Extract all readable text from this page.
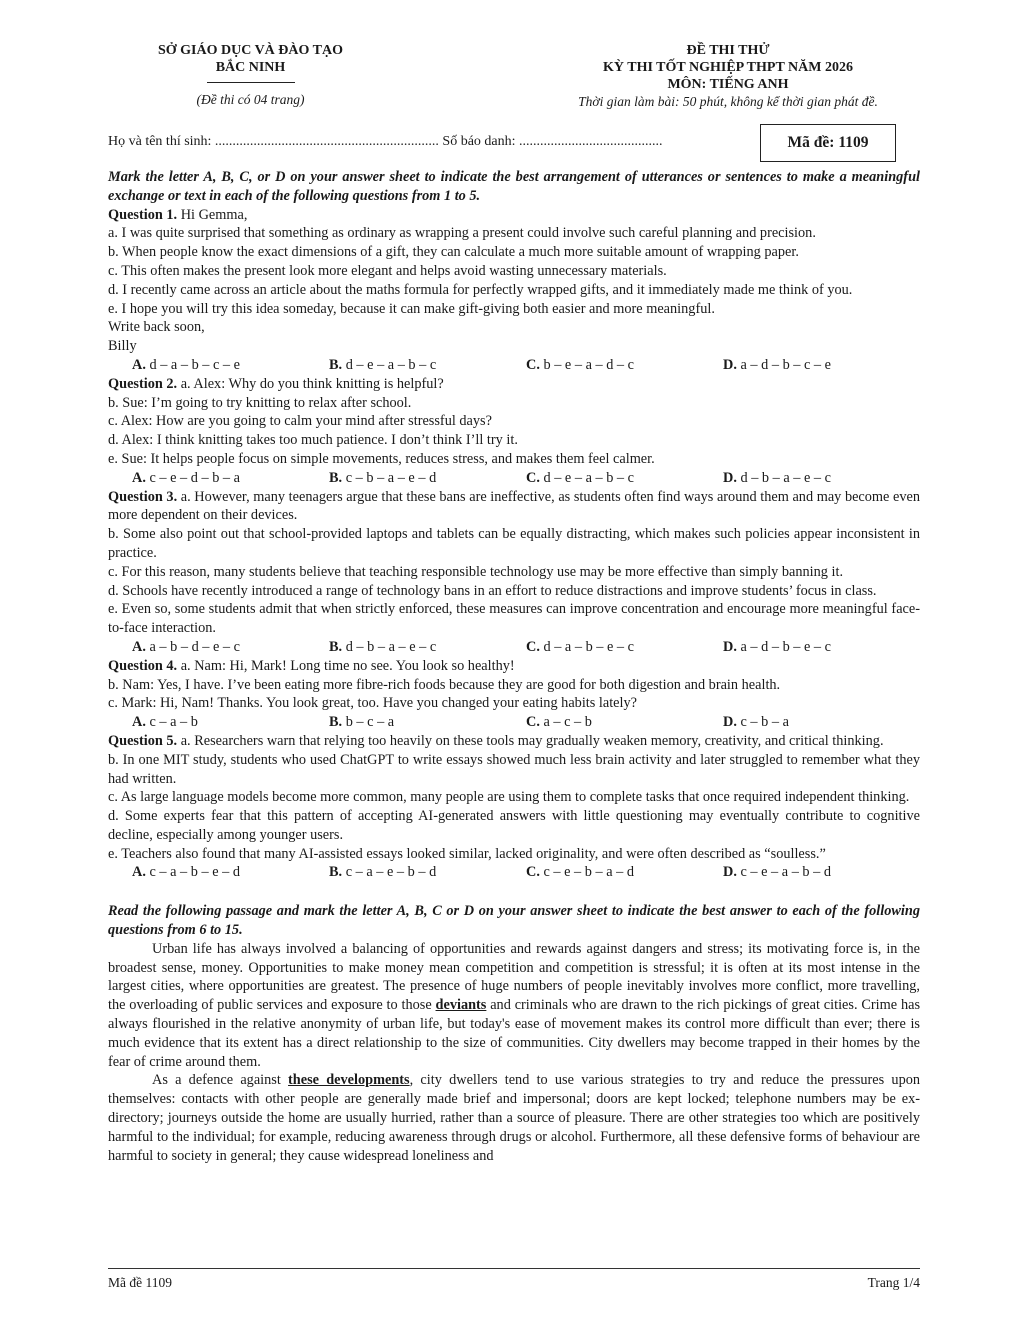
SỞ GIÁO DỤC VÀ ĐÀO TẠO
BẮC NINH
(Đề thi có 04 trang)
ĐỀ THI THỬ
KỲ THI TỐT NGHIỆP THPT NĂM 2026
MÔN: TIẾNG ANH
Thời gian làm bài: 50 phút, không kể thời gian phát đề.
Họ và tên thí sinh: ................................................................ Số báo danh: .........................................	Mã đề: 1109
Mark the letter A, B, C, or D on your answer sheet to indicate the best arrangement of utterances or sentences to make a meaningful exchange or text in each of the following questions from 1 to 5.
Question 1. Hi Gemma,
a. I was quite surprised that something as ordinary as wrapping a present could involve such careful planning and precision.
b. When people know the exact dimensions of a gift, they can calculate a much more suitable amount of wrapping paper.
c. This often makes the present look more elegant and helps avoid wasting unnecessary materials.
d. I recently came across an article about the maths formula for perfectly wrapped gifts, and it immediately made me think of you.
e. I hope you will try this idea someday, because it can make gift-giving both easier and more meaningful.
Write back soon,
Billy
A. d – a – b – c – e	B. d – e – a – b – c	C. b – e – a – d – c	D. a – d – b – c – e
Question 2. a. Alex: Why do you think knitting is helpful?
b. Sue: I’m going to try knitting to relax after school.
c. Alex: How are you going to calm your mind after stressful days?
d. Alex: I think knitting takes too much patience. I don’t think I’ll try it.
e. Sue: It helps people focus on simple movements, reduces stress, and makes them feel calmer.
A. c – e – d – b – a	B. c – b – a – e – d	C. d – e – a – b – c	D. d – b – a – e – c
Question 3. a. However, many teenagers argue that these bans are ineffective, as students often find ways around them and may become even more dependent on their devices.
b. Some also point out that school-provided laptops and tablets can be equally distracting, which makes such policies appear inconsistent in practice.
c. For this reason, many students believe that teaching responsible technology use may be more effective than simply banning it.
d. Schools have recently introduced a range of technology bans in an effort to reduce distractions and improve students’ focus in class.
e. Even so, some students admit that when strictly enforced, these measures can improve concentration and encourage more meaningful face-to-face interaction.
A. a – b – d – e – c	B. d – b – a – e – c	C. d – a – b – e – c	D. a – d – b – e – c
Question 4. a. Nam: Hi, Mark! Long time no see. You look so healthy!
b. Nam: Yes, I have. I’ve been eating more fibre-rich foods because they are good for both digestion and brain health.
c. Mark: Hi, Nam! Thanks. You look great, too. Have you changed your eating habits lately?
A. c – a – b	B. b – c – a	C. a – c – b	D. c – b – a
Question 5. a. Researchers warn that relying too heavily on these tools may gradually weaken memory, creativity, and critical thinking.
b. In one MIT study, students who used ChatGPT to write essays showed much less brain activity and later struggled to remember what they had written.
c. As large language models become more common, many people are using them to complete tasks that once required independent thinking.
d. Some experts fear that this pattern of accepting AI-generated answers with little questioning may eventually contribute to cognitive decline, especially among younger users.
e. Teachers also found that many AI-assisted essays looked similar, lacked originality, and were often described as “soulless.”
A. c – a – b – e – d	B. c – a – e – b – d	C. c – e – b – a – d	D. c – e – a – b – d
Read the following passage and mark the letter A, B, C or D on your answer sheet to indicate the best answer to each of the following questions from 6 to 15.
Urban life has always involved a balancing of opportunities and rewards against dangers and stress; its motivating force is, in the broadest sense, money. Opportunities to make money mean competition and competition is stressful; it is often at its most intense in the largest cities, where opportunities are greatest. The presence of huge numbers of people inevitably involves more conflict, more travelling, the overloading of public services and exposure to those deviants and criminals who are drawn to the rich pickings of great cities. Crime has always flourished in the relative anonymity of urban life, but today's ease of movement makes its control more difficult than ever; there is much evidence that its extent has a direct relationship to the size of communities. City dwellers may become trapped in their homes by the fear of crime around them.
As a defence against these developments, city dwellers tend to use various strategies to try and reduce the pressures upon themselves: contacts with other people are generally made brief and impersonal; doors are kept locked; telephone numbers may be ex-directory; journeys outside the home are usually hurried, rather than a source of pleasure. There are other strategies too which are positively harmful to the individual; for example, reducing awareness through drugs or alcohol. Furthermore, all these defensive forms of behaviour are harmful to society in general; they cause widespread loneliness and
Mã đề 1109	Trang 1/4
